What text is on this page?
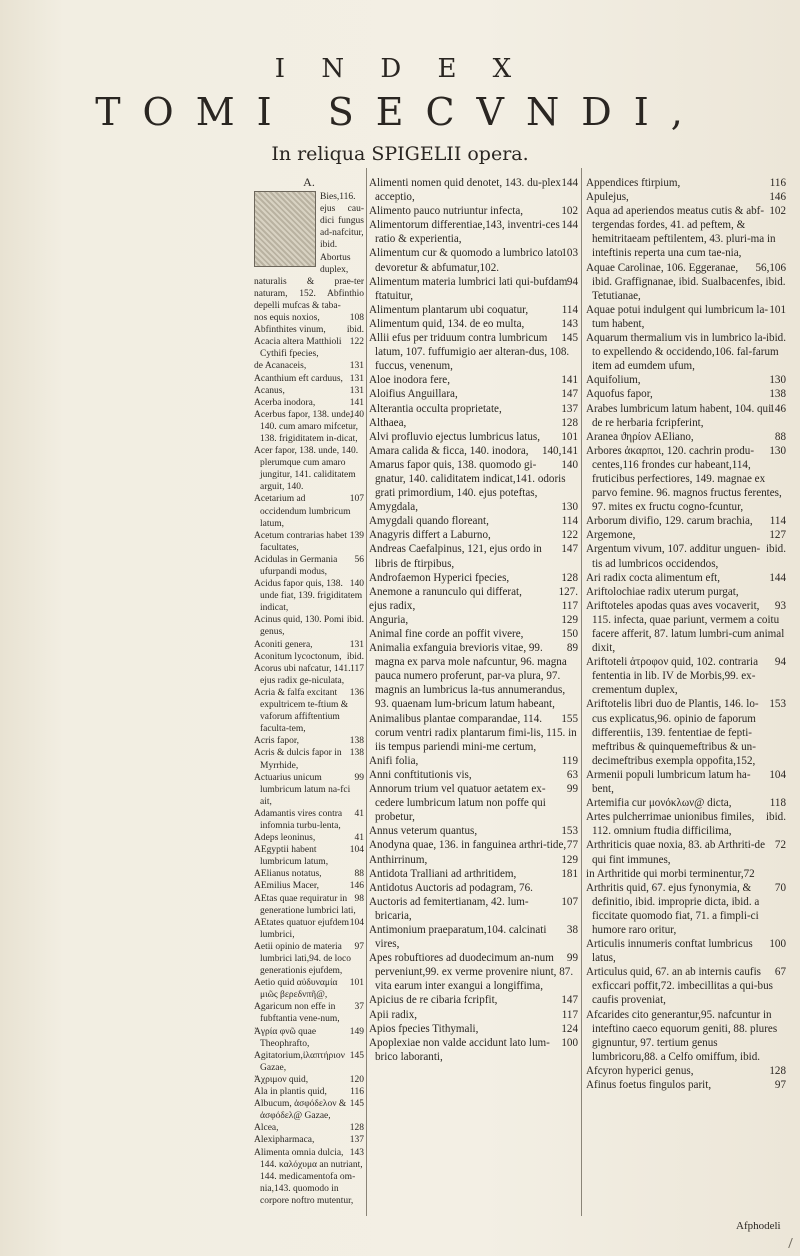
I N D E X
TOMI SECVNDI,
In reliqua SPIGELII opera.
A.
Bies,116. ejus cau-dici fungus ad-nafcitur, ibid. Abortus duplex, naturalis & prae-ter naturam, 152. Abfinthio depelli mufcas & taba-
108
nos equis noxios,
ibid.
Abfinthites vinum,
122
Acacia altera Matthioli Cythifi fpecies,
131
de Acanaceis,
131
Acanthium eft carduus,
131
Acanus,
141
Acerba inodora,
140
Acerbus fapor, 138. unde, 140. cum amaro mifcetur, 138. frigiditatem in-dicat,
Acer fapor, 138. unde, 140. plerumque cum amaro jungitur, 141. caliditatem arguit, 140.
107
Acetarium ad occidendum lumbricum latum,
139
Acetum contrarias habet facultates,
56
Acidulas in Germania ufurpandi modus,
140
Acidus fapor quis, 138. unde fiat, 139. frigiditatem indicat,
ibid.
Acinus quid, 130. Pomi genus,
131
Aconiti genera,
ibid.
Aconitum lycoctonum,
117
Acorus ubi nafcatur, 141. ejus radix ge-niculata,
136
Acria & falfa excitant expultricem te-ftium & vaforum affiftentium faculta-tem,
138
Acris fapor,
138
Acris & dulcis fapor in Myrrhide,
99
Actuarius unicum lumbricum latum na-fci ait,
41
Adamantis vires contra infomnia turbu-lenta,
41
Adeps leoninus,
104
AEgyptii habent lumbricum latum,
88
AElianus notatus,
146
AEmilius Macer,
98
AEtas quae requiratur in generatione lumbrici lati,
104
AEtates quatuor ejufdem lumbrici,
97
Aetii opinio de materia lumbrici lati,94. de loco generationis ejufdem,
101
Aetio quid αὐδυναμία μιῶς βερεδνπῆ@,
37
Agaricum non effe in fubftantia vene-num,
149
Ἀγρία φνῶ quae Theophrafto,
145
Agitatorium,ἰλαπτήριον Gazae,
120
Ἀχριμον quid,
116
Ala in plantis quid,
145
Albucum, ἀσφόδελον & ἀσφόδελ@ Gazae,
128
Alcea,
137
Alexipharmaca,
143
Alimenta omnia dulcia, 144. καλόχυμα an nutriant, 144. medicamentofa om-nia,143. quomodo in corpore noftro mutentur,
144
Alimenti nomen quid denotet, 143. du-plex acceptio,
102
Alimento pauco nutriuntur infecta,
144
Alimentorum differentiae,143, inventri-ces ratio & experientia,
103
Alimentum cur & quomodo a lumbrico lato devoretur & abfumatur,102.
94
Alimentum materia lumbrici lati qui-bufdam ftatuitur,
114
Alimentum plantarum ubi coquatur,
143
Alimentum quid, 134. de eo multa,
145
Allii efus per triduum contra lumbricum latum, 107. fuffumigio aer alteran-dus, 108. fuccus, venenum,
141
Aloe inodora fere,
147
Aloifius Anguillara,
137
Alterantia occulta proprietate,
128
Althaea,
101
Alvi profluvio ejectus lumbricus latus,
140,141
Amara calida & ficca, 140. inodora,
140
Amarus fapor quis, 138. quomodo gi-gnatur, 140. caliditatem indicat,141. odoris grati primordium, 140. ejus poteftas,
130
Amygdala,
114
Amygdali quando floreant,
122
Anagyris differt a Laburno,
147
Andreas Caefalpinus, 121, ejus ordo in libris de ftirpibus,
128
Androfaemon Hyperici fpecies,
127.
Anemone a ranunculo qui differat,
117
ejus radix,
129
Anguria,
150
Animal fine corde an poffit vivere,
89
Animalia exfanguia brevioris vitae, 99. magna ex parva mole nafcuntur, 96. magna pauca numero proferunt, par-va plura, 97. magnis an lumbricus la-tus annumerandus, 93. quaenam lum-bricum latum habeant,
155
Animalibus plantae comparandae, 114. corum ventri radix plantarum fimi-lis, 115. in iis tempus pariendi mini-me certum,
119
Anifi folia,
63
Anni conftitutionis vis,
99
Annorum trium vel quatuor aetatem ex-cedere lumbricum latum non poffe qui probetur,
153
Annus veterum quantus,
77
Anodyna quae, 136. in fanguinea arthri-tide,
129
Anthirrinum,
181
Antidota Tralliani ad arthritidem,
Antidotus Auctoris ad podagram, 76.
107
Auctoris ad femitertianam, 42. lum-bricaria,
38
Antimonium praeparatum,104. calcinati vires,
99
Apes robuftiores ad duodecimum an-num perveniunt,99. ex verme provenire niunt, 87. vita earum inter exangui a longiffima,
147
Apicius de re cibaria fcripfit,
117
Apii radix,
124
Apios fpecies Tithymali,
100
Apoplexiae non valde accidunt lato lum-brico laboranti,
116
Appendices ftirpium,
146
Apulejus,
102
Aqua ad aperiendos meatus cutis & abf-tergendas fordes, 41. ad peftem, & hemitritaeam peftilentem, 43. pluri-ma in inteftinis reperta una cum tae-nia,
56,106
Aquae Carolinae, 106. Eggeranae, ibid. Graffignanae, ibid. Sualbacenfes, ibid. Tetutianae,
101
Aquae potui indulgent qui lumbricum la-tum habent,
ibid.
Aquarum thermalium vis in lumbrico la-to expellendo & occidendo,106. fal-farum item ad eumdem ufum,
130
Aquifolium,
138
Aquofus fapor,
146
Arabes lumbricum latum habent, 104. qui de re herbaria fcripferint,
88
Aranea ϑηρίον AEliano,
130
Arbores ἀκαρποι, 120. cachrin produ-centes,116 frondes cur habeant,114, fruticibus perfectiores, 149. magnae ex parvo femine. 96. magnos fructus ferentes, 97. mites ex fructu cogno-fcuntur,
114
Arborum divifio, 129. carum brachia,
127
Argemone,
ibid.
Argentum vivum, 107. additur unguen-tis ad lumbricos occidendos,
144
Ari radix cocta alimentum eft,
Ariftolochiae radix uterum purgat,
93
Ariftoteles apodas quas aves vocaverit, 115. infecta, quae pariunt, vermem a coitu facere afferit, 87. latum lumbri-cum animal dixit,
94
Ariftoteli ἀτροφον quid, 102. contraria fententia in lib. IV de Morbis,99. ex-crementum duplex,
153
Ariftotelis libri duo de Plantis, 146. lo-cus explicatus,96. opinio de faporum differentiis, 139. fententiae de fepti-meftribus & quinquemeftribus & un-decimeftribus exempla oppofita,152,
104
Armenii populi lumbricum latum ha-bent,
118
Artemifia cur μονόκλων@ dicta,
ibid.
Artes pulcherrimae unionibus fimiles, 112. omnium ftudia difficilima,
72
Arthriticis quae noxia, 83. ab Arthriti-de qui fint immunes,
in Arthritide qui morbi terminentur,72
70
Arthritis quid, 67. ejus fynonymia, & definitio, ibid. improprie dicta, ibid. a ficcitate quomodo fiat, 71. a fimpli-ci humore raro oritur,
100
Articulis innumeris conftat lumbricus latus,
67
Articulus quid, 67. an ab internis caufis exficcari poffit,72. imbecillitas a qui-bus caufis proveniat,
Afcarides cito generantur,95. nafcuntur in inteftino caeco equorum geniti, 88. plures gignuntur, 97. tertium genus lumbricoru,88. a Celfo omiffum, ibid.
128
Afcyron hyperici genus,
97
Afinus foetus fingulos parit,
Afphodeli
